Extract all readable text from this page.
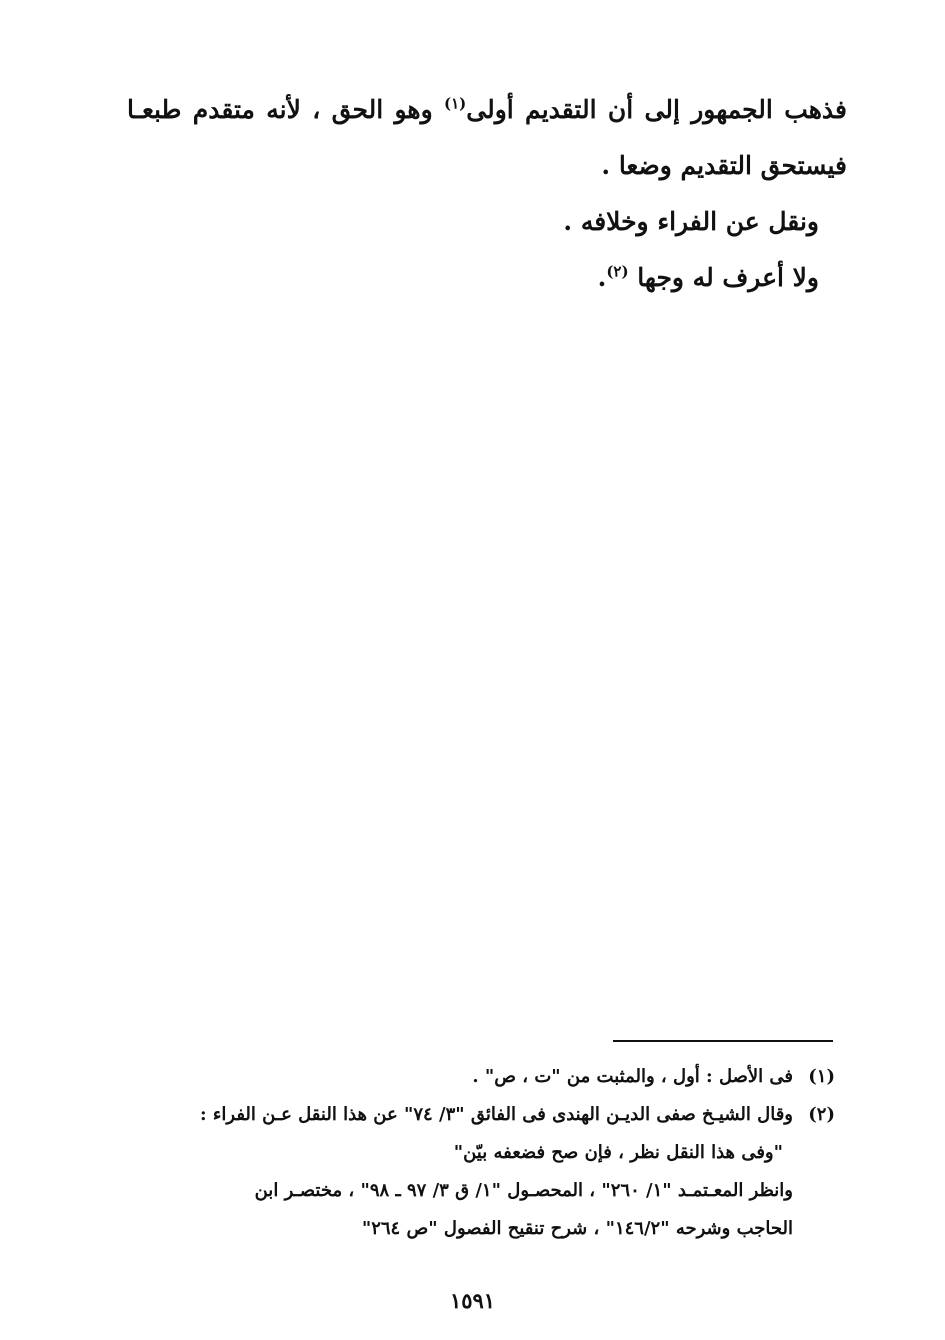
فذهب الجمهور إلى أن التقديم أولى$^{(١)}$ وهو الحق ، لأنه متقدم طبعـا فيستحق التقديم وضعا .

ونقل عن الفراء وخلافه .

ولا أعرف له وجها $^{(٢)}$.

(١)
فى الأصل : أول ، والمثبت من "ت ، ص" .
(٢)
وقال الشيـخ صفى الديـن الهندى فى الفائق "٣/ ٧٤" عن هذا النقل عـن الفراء :
"وفى هذا النقل نظر ، فإن صح فضعفه بيّن"
وانظر المعـتمـد "١/ ٢٦٠" ، المحصـول "١/ ق ٣/ ٩٧ ـ ٩٨" ، مختصـر ابن
الحاجب وشرحه "١٤٦/٢" ، شرح تنقيح الفصول "ص ٢٦٤"
١٥٩١
